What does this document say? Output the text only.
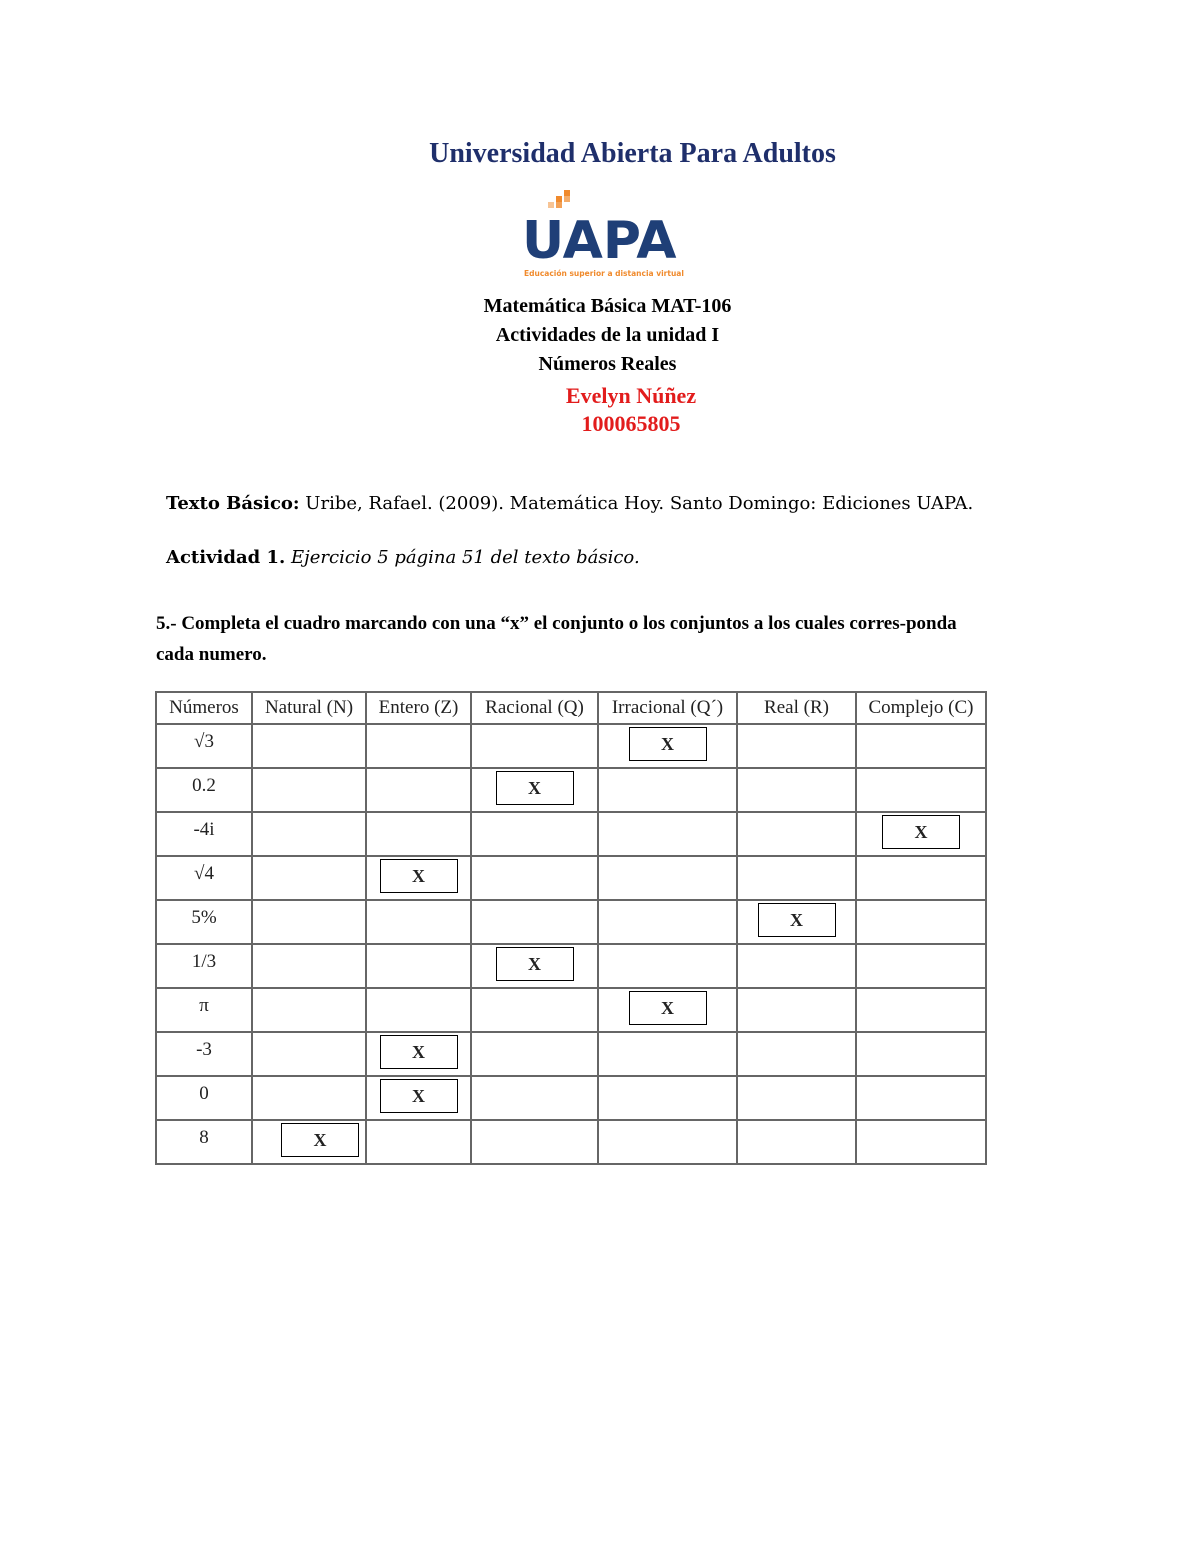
Universidad Abierta Para Adultos
UAPA
Educación superior a distancia virtual
Matemática Básica MAT-106
Actividades de la unidad I
Números Reales
Evelyn Núñez
100065805
Texto Básico: Uribe, Rafael. (2009). Matemática Hoy. Santo Domingo: Ediciones UAPA.
Actividad 1. Ejercicio 5 página 51 del texto básico.
5.- Completa el cuadro marcando con una “x” el conjunto o los conjuntos a los cuales corres-ponda cada numero.
Números	Natural (N)	Entero (Z)	Racional (Q)	Irracional (Q´)	Real (R)	Complejo (C)
√3				X		

0.2			X			

-4i						X

√4		X				

5%					X	

1/3			X			

π				X		

-3		X				

0		X				

8	X					
